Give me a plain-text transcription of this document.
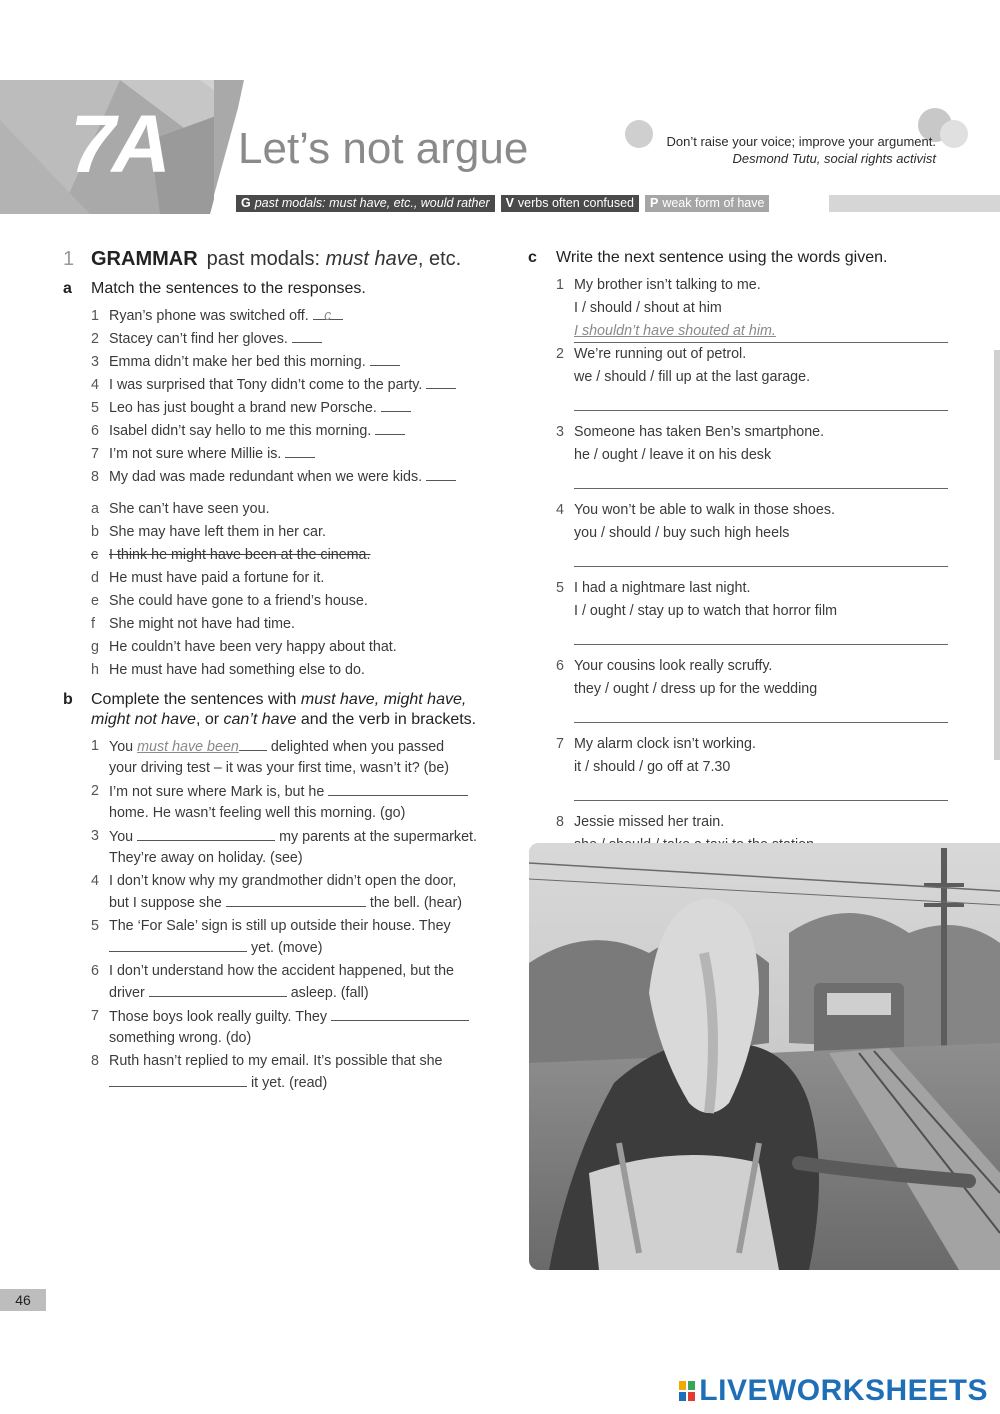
7A Let’s not argue	Don’t raise your voice; improve your argument.
Desmond Tutu, social rights activist
G past modals: must have, etc., would rather	V verbs often confused	P weak form of have
1 GRAMMAR past modals: must have, etc.
a	Match the sentences to the responses.
1 Ryan’s phone was switched off. c
2 Stacey can’t find her gloves.
3 Emma didn’t make her bed this morning.
4 I was surprised that Tony didn’t come to the party.
5 Leo has just bought a brand new Porsche.
6 Isabel didn’t say hello to me this morning.
7 I’m not sure where Millie is.
8 My dad was made redundant when we were kids.
a She can’t have seen you.
b She may have left them in her car.
c I think he might have been at the cinema.
d He must have paid a fortune for it.
e She could have gone to a friend’s house.
f She might not have had time.
g He couldn’t have been very happy about that.
h He must have had something else to do.
b	Complete the sentences with must have, might have, might not have, or can’t have and the verb in brackets.
1 You must have been delighted when you passed
your driving test – it was your first time, wasn’t it? (be)
2 I’m not sure where Mark is, but he
home. He wasn’t feeling well this morning. (go)
3 You	my parents at the supermarket.
They’re away on holiday. (see)
4 I don’t know why my grandmother didn’t open the door,
but I suppose she	the bell. (hear)
5 The ‘For Sale’ sign is still up outside their house. They
yet. (move)
6 I don’t understand how the accident happened, but the
driver	asleep. (fall)
7 Those boys look really guilty. They
something wrong. (do)
8 Ruth hasn’t replied to my email. It’s possible that she
it yet. (read)
c	Write the next sentence using the words given.
1 My brother isn’t talking to me.
I / should / shout at him
I shouldn’t have shouted at him.
2 We’re running out of petrol.
we / should / fill up at the last garage.
3 Someone has taken Ben’s smartphone.
he / ought / leave it on his desk
4 You won’t be able to walk in those shoes.
you / should / buy such high heels
5 I had a nightmare last night.
I / ought / stay up to watch that horror film
6 Your cousins look really scruffy.
they / ought / dress up for the wedding
7 My alarm clock isn’t working.
it / should / go off at 7.30
8 Jessie missed her train.
46
LIVEWORKSHEETS
